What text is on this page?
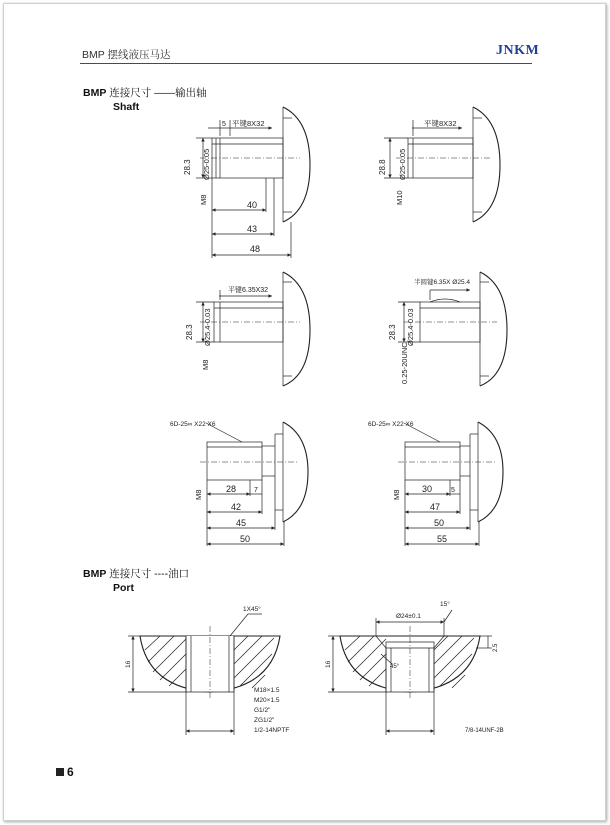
BMP 摆线液压马达	JNKM
BMP 连接尺寸 ——输出轴
Shaft
BMP 连接尺寸 ----油口
Port
5 平键8X32
28.3 Ø25-0.05
M8	40
43
48
平键8X32
28.8 Ø25-0.05
M10
平键6.35X32
28.3 Ø25.4-0.03
M8
半圆键6.35X Ø25.4
28.3 Ø25.4-0.03
0.25-20UNC
6D-25∞ X22 X6
M8
28	7
42
45
50
6D-25∞ X22 X6
M8
30	5
47
50
55
1X45°
16
M18×1.5
M20×1.5
G1/2"
ZG1/2"
1/2-14NPTF
Ø24±0.1
15°
45°
16
2.5
7/8-14UNF-2B
6
